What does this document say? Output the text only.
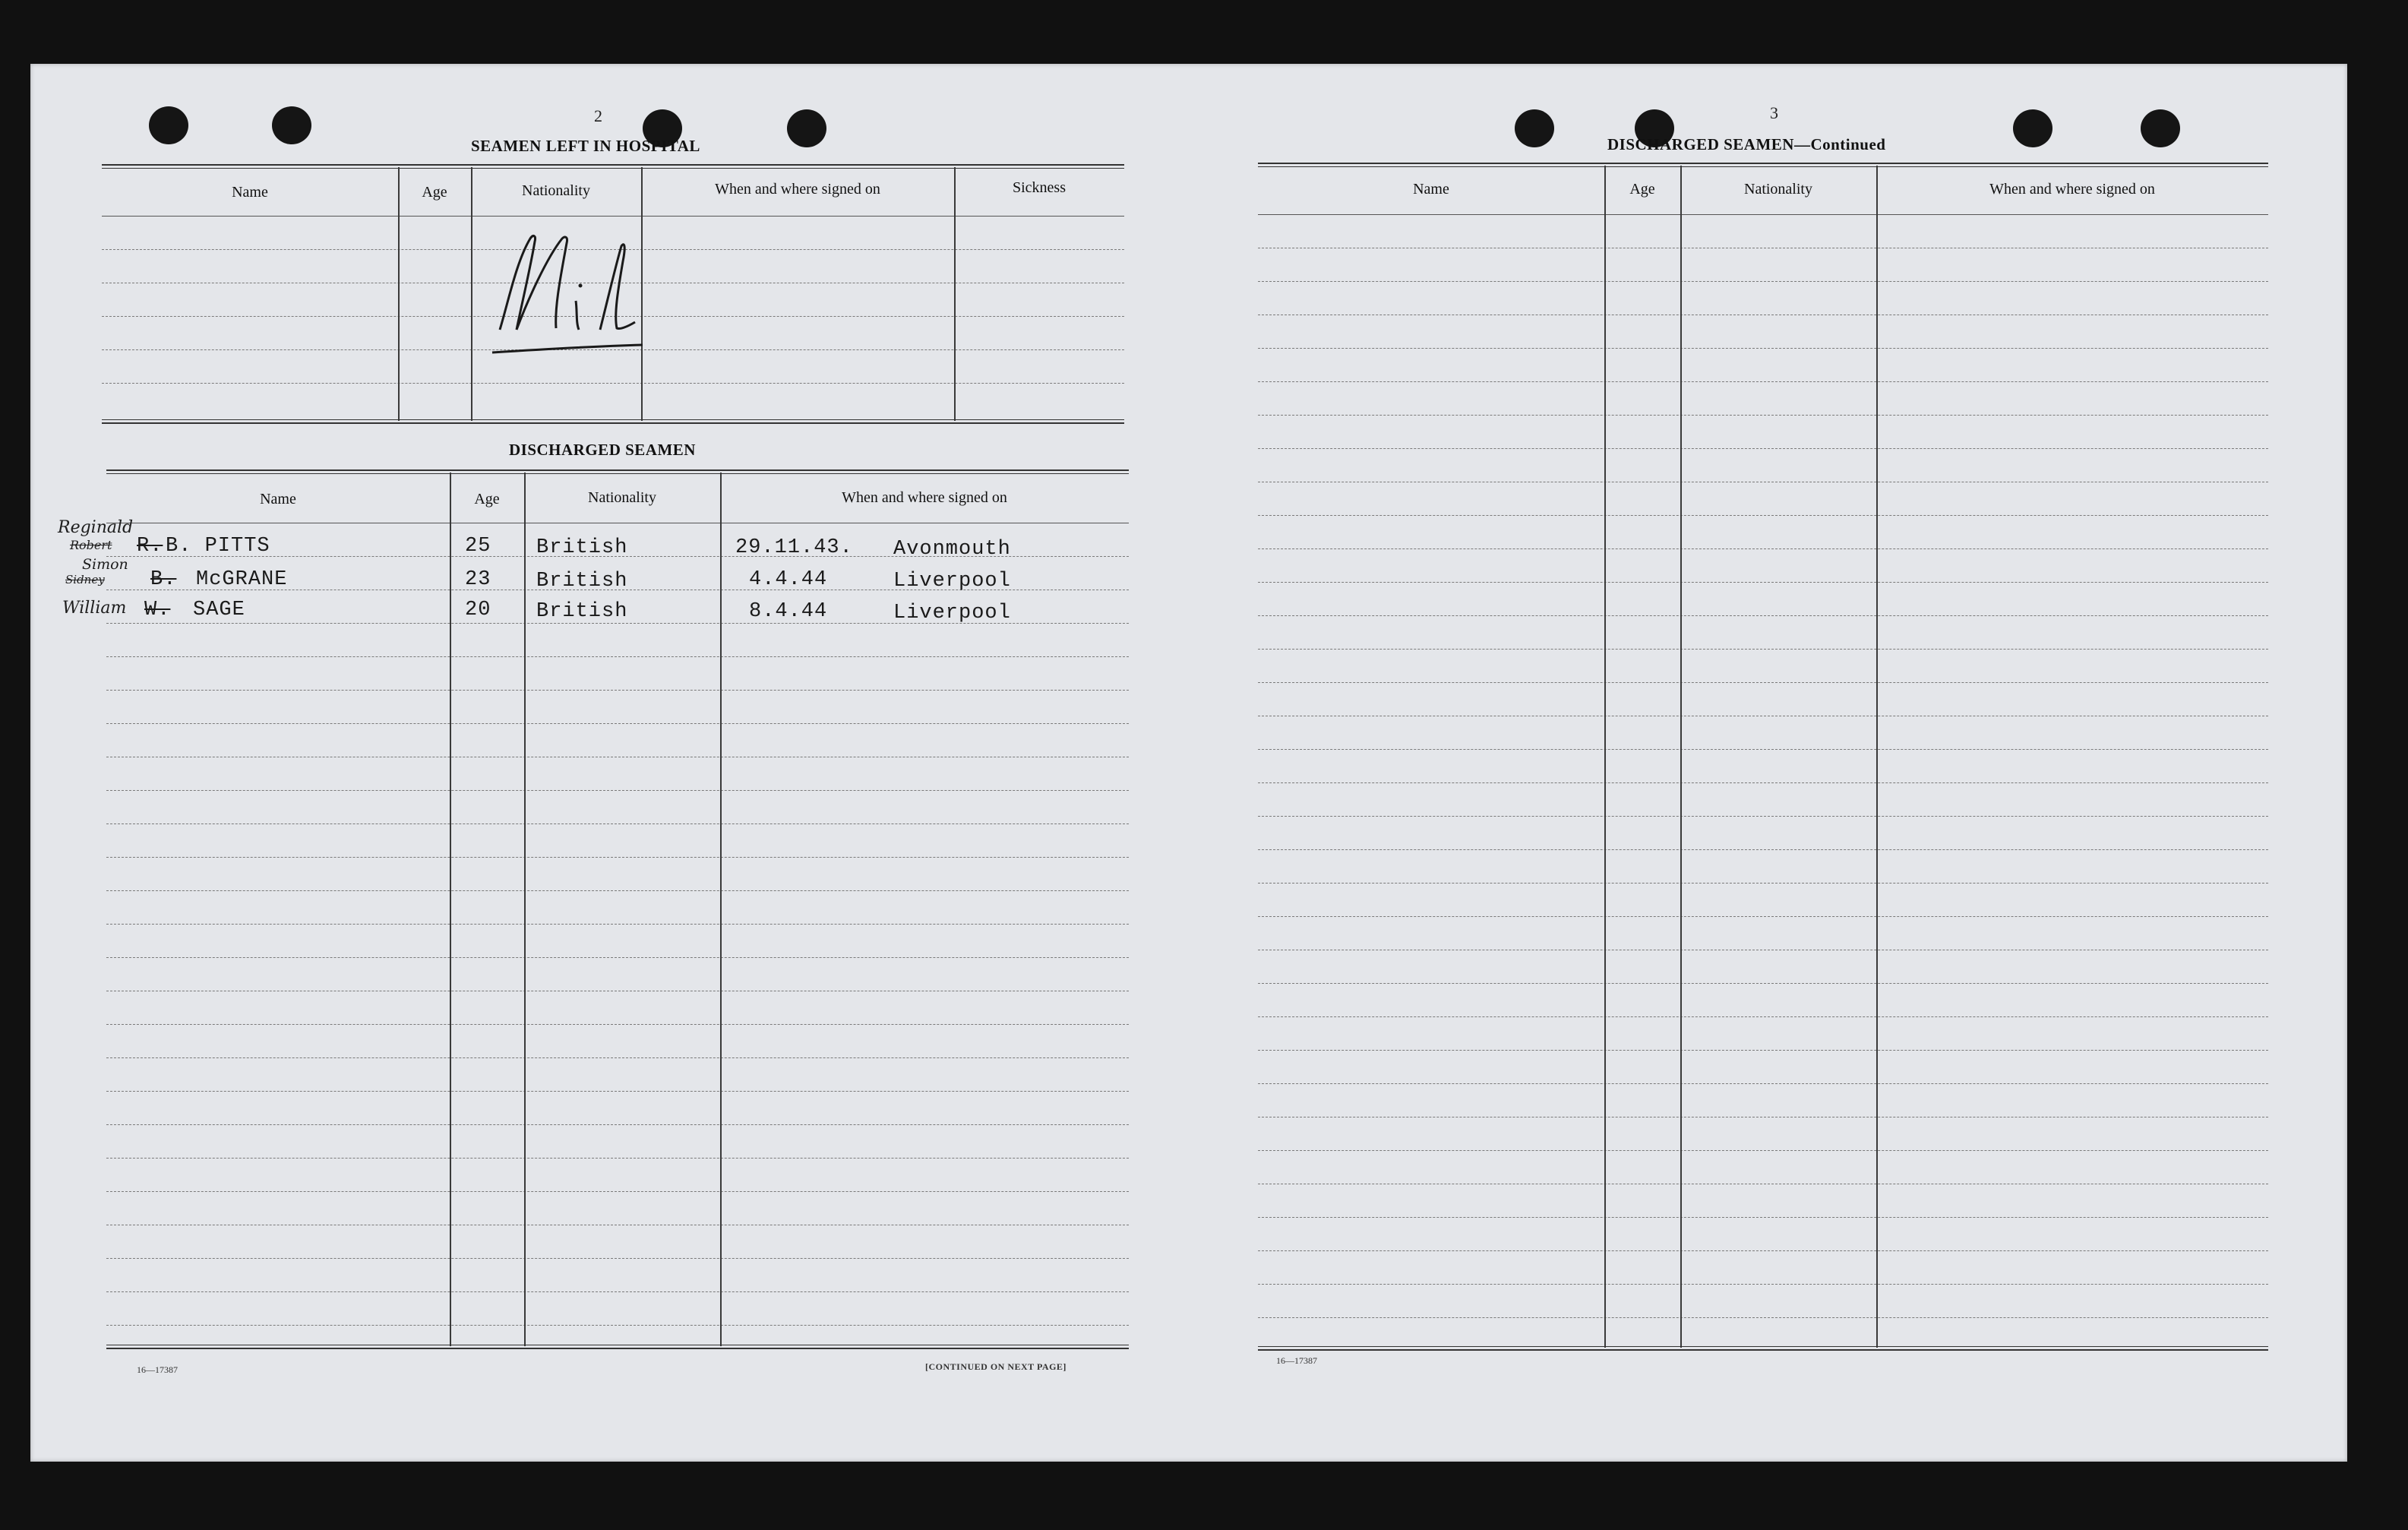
2
SEAMEN LEFT IN HOSPITAL
Name	Age	Nationality	When and where signed on	Sickness
DISCHARGED SEAMEN
Name	Age	Nationality	When and where signed on
Reginald
Robert R. B. PITTS	25 British	29.11.43. Avonmouth
Simon
Sidney B. McGRANE	23 British	4.4.44	Liverpool
William W. SAGE	20 British	8.4.44	Liverpool
16—17387	[CONTINUED ON NEXT PAGE]
3
DISCHARGED SEAMEN—Continued
Name	Age	Nationality	When and where signed on
16—17387
